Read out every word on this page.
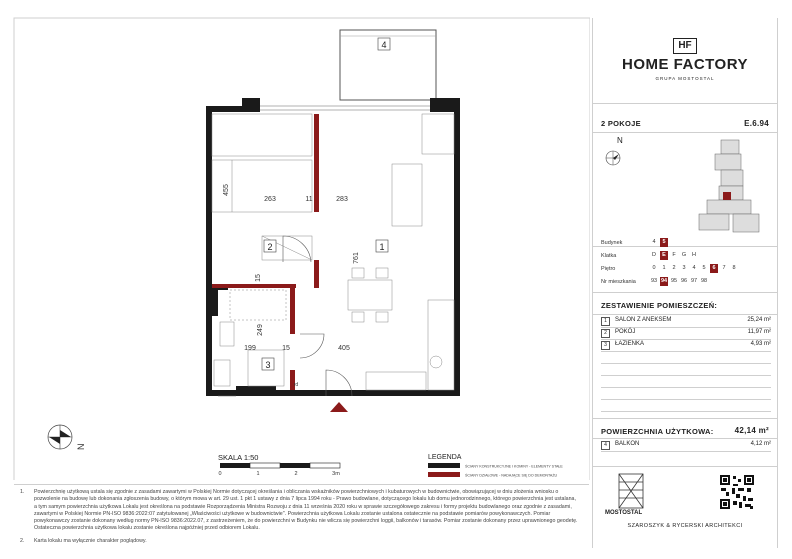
2	1
3
4
455
263	11	283
761
15
249
199	15	405
rd
N
SKALA 1:50
0	1	2	3m
LEGENDA
ŚCIANY KONSTRUKCYJNE I KOMINY - ELEMENTY STAŁE
ŚCIANY DZIAŁOWE - NADAJĄCE SIĘ DO DEMONTAŻU
1. Powierzchnię użytkową ustala się zgodnie z zasadami zawartymi w Polskiej Normie dotyczącej określania i obliczania wskaźników powierzchniowych i kubaturowych w budownictwie, obowiązującej w dniu złożenia wniosku o pozwolenie na budowę lub dokonania zgłoszenia budowy, o którym mowa w art. 29 ust. 1 pkt 1 ustawy z dnia 7 lipca 1994 roku - Prawo budowlane, dotyczącego lokalu lub domu jednorodzinnego, którego powierzchnia jest ustalana, a tym samym powierzchnia użytkowa Lokalu jest określona na podstawie Rozporządzenia Ministra Rozwoju z dnia 11 września 2020 roku w sprawie szczegółowego zakresu i formy projektu budowlanego oraz zgodnie z zasadami, zawartymi w Polskiej Normie PN-ISO 9836:2022:07 zatytułowanej „Właściwości użytkowe w budownictwie". Powierzchnia użytkowa Lokalu zostanie ustalona ostatecznie na podstawie pomiarów powykonawczych. Pomiar powykonawczy zostanie dokonany według normy PN-ISO 9836:2022.07, z zastrzeżeniem, że do powierzchni w Budynku nie wlicza się powierzchni loggii, balkonów i tarasów. Pomiar zostanie dokonany przez uprawnionego geodetę. Ostateczna powierzchnia użytkowa lokalu zostanie określona najpóźniej przed odbiorem Lokalu.
2. Karta lokalu ma wyłącznie charakter poglądowy.
HF
HOME FACTORY
GRUPA MOSTOSTAL
2 POKOJE	E.6.94
N
Budynek	4	5
Klatka	D	E	F	G	H
Piętro	0	1	2	3	4	5	6	7	8
Nr mieszkania	93 94 95 96 97 98
ZESTAWIENIE POMIESZCZEŃ:
1	SALON Z ANEKSEM	25,24 m²
2	POKÓJ	11,97 m²
3	ŁAZIENKA	4,93 m²
POWIERZCHNIA UŻYTKOWA:	42,14 m²
4	BALKON	4,12 m²
MOSTOSTAL
SZAROSZYK & RYCERSKI ARCHITEKCI
